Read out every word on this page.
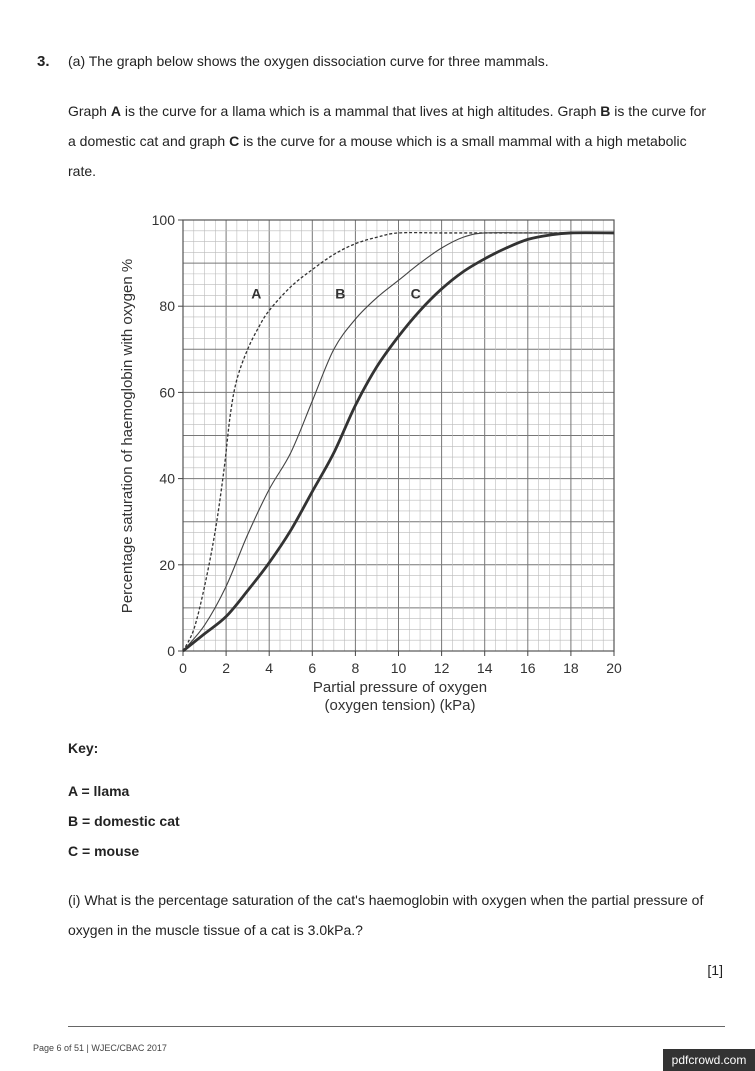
3. (a) The graph below shows the oxygen dissociation curve for three mammals.
Graph A is the curve for a llama which is a mammal that lives at high altitudes. Graph B is the curve for a domestic cat and graph C is the curve for a mouse which is a small mammal with a high metabolic rate.
0	2	4	6	8 10 12 14 16 18 20
0
20
40
60
80
100
A	B	C
Partial pressure of oxygen
(oxygen tension) (kPa)
Percentage saturation of haemoglobin with oxygen %
Key:
A = llama
B = domestic cat
C = mouse
(i) What is the percentage saturation of the cat's haemoglobin with oxygen when the partial pressure of oxygen in the muscle tissue of a cat is 3.0kPa.?
[1]
Page 6 of 51 | WJEC/CBAC 2017
pdfcrowd.com
